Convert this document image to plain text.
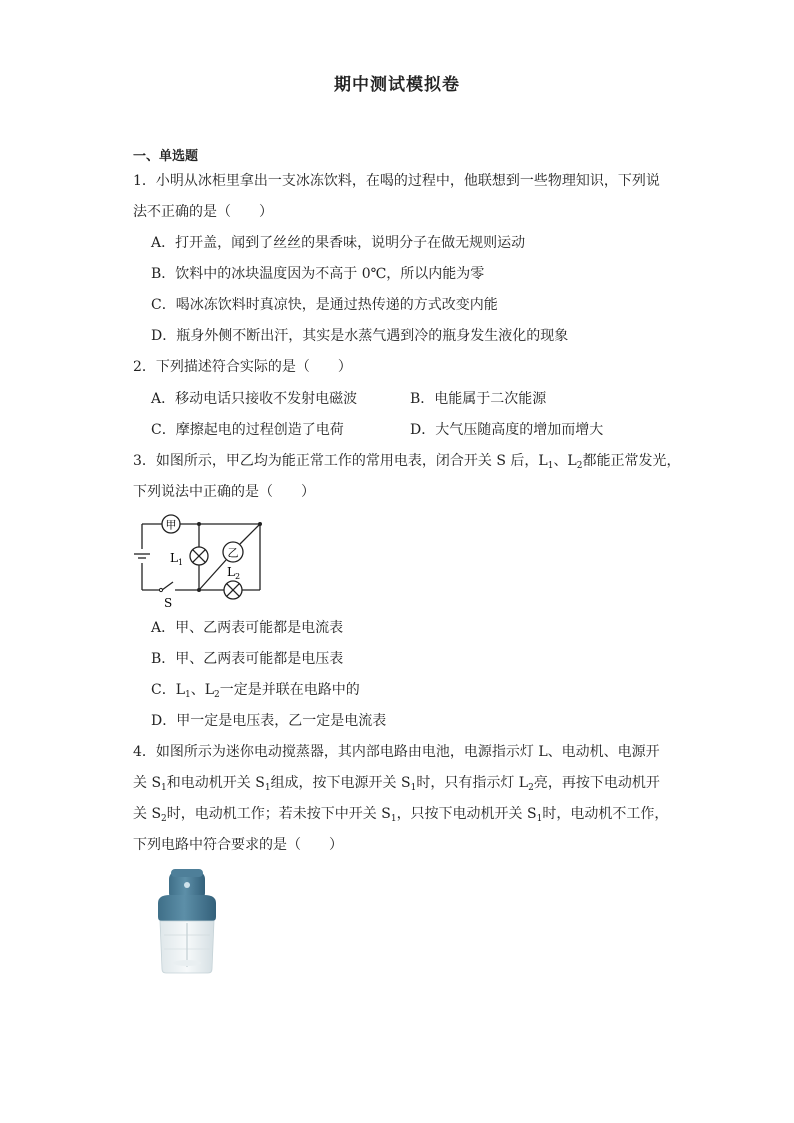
期中测试模拟卷
一、单选题
1．小明从冰柜里拿出一支冰冻饮料，在喝的过程中，他联想到一些物理知识，下列说
法不正确的是（　　）
A．打开盖，闻到了丝丝的果香味，说明分子在做无规则运动
B．饮料中的冰块温度因为不高于 0℃，所以内能为零
C．喝冰冻饮料时真凉快，是通过热传递的方式改变内能
D．瓶身外侧不断出汗，其实是水蒸气遇到冷的瓶身发生液化的现象
2．下列描述符合实际的是（　　）
A．移动电话只接收不发射电磁波	B．电能属于二次能源
C．摩擦起电的过程创造了电荷	D．大气压随高度的增加而增大
3．如图所示，甲乙均为能正常工作的常用电表，闭合开关 S 后，$L_1$、$L_2$都能正常发光，
下列说法中正确的是（　　）
甲
乙
$L_1$
$L_2$
S
A．甲、乙两表可能都是电流表
B．甲、乙两表可能都是电压表
C．$L_1$、$L_2$一定是并联在电路中的
D．甲一定是电压表，乙一定是电流表
4．如图所示为迷你电动搅蒸器，其内部电路由电池，电源指示灯 L、电动机、电源开
关 $S_1$和电动机开关 $S_1$组成，按下电源开关 $S_1$时，只有指示灯 $L_2$亮，再按下电动机开
关 $S_2$时，电动机工作；若未按下中开关 $S_1$，只按下电动机开关 $S_1$时，电动机不工作，
下列电路中符合要求的是（　　）
